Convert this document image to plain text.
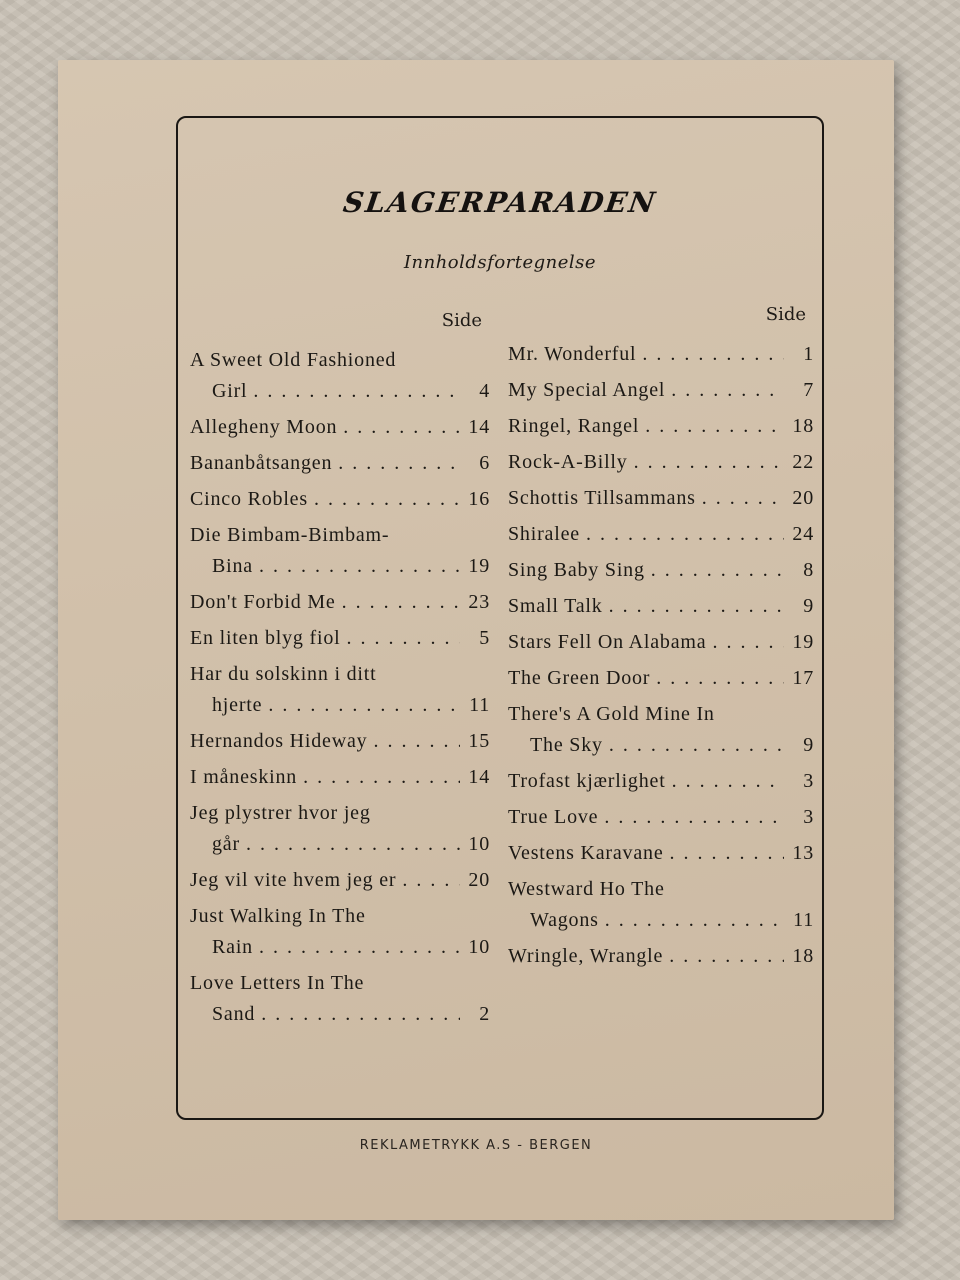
SLAGERPARADEN
Innholdsfortegnelse
Side
A Sweet Old Fashioned
Girl . . .	4
Allegheny Moon . . .	14
Bananbåtsangen . . .	6
Cinco Robles . . .	16
Die Bimbam-Bimbam-
Bina . . .	19
Don't Forbid Me . . .	23
En liten blyg fiol . . .	5
Har du solskinn i ditt
hjerte . . .	11
Hernandos Hideway . . .	15
I måneskinn . . .	14
Jeg plystrer hvor jeg
går . . .	10
Jeg vil vite hvem jeg er . . .	20
Just Walking In The
Rain . . .	10
Love Letters In The
Sand . . .	2
Side
Mr. Wonderful . . .	1
My Special Angel . . .	7
Ringel, Rangel . . .	18
Rock-A-Billy . . .	22
Schottis Tillsammans . . .	20
Shiralee . . .	24
Sing Baby Sing . . .	8
Small Talk . . .	9
Stars Fell On Alabama . . .	19
The Green Door . . .	17
There's A Gold Mine In
The Sky . . .	9
Trofast kjærlighet . . .	3
True Love . . .	3
Vestens Karavane . . .	13
Westward Ho The
Wagons . . .	11
Wringle, Wrangle . . .	18
REKLAMETRYKK A.S - BERGEN
